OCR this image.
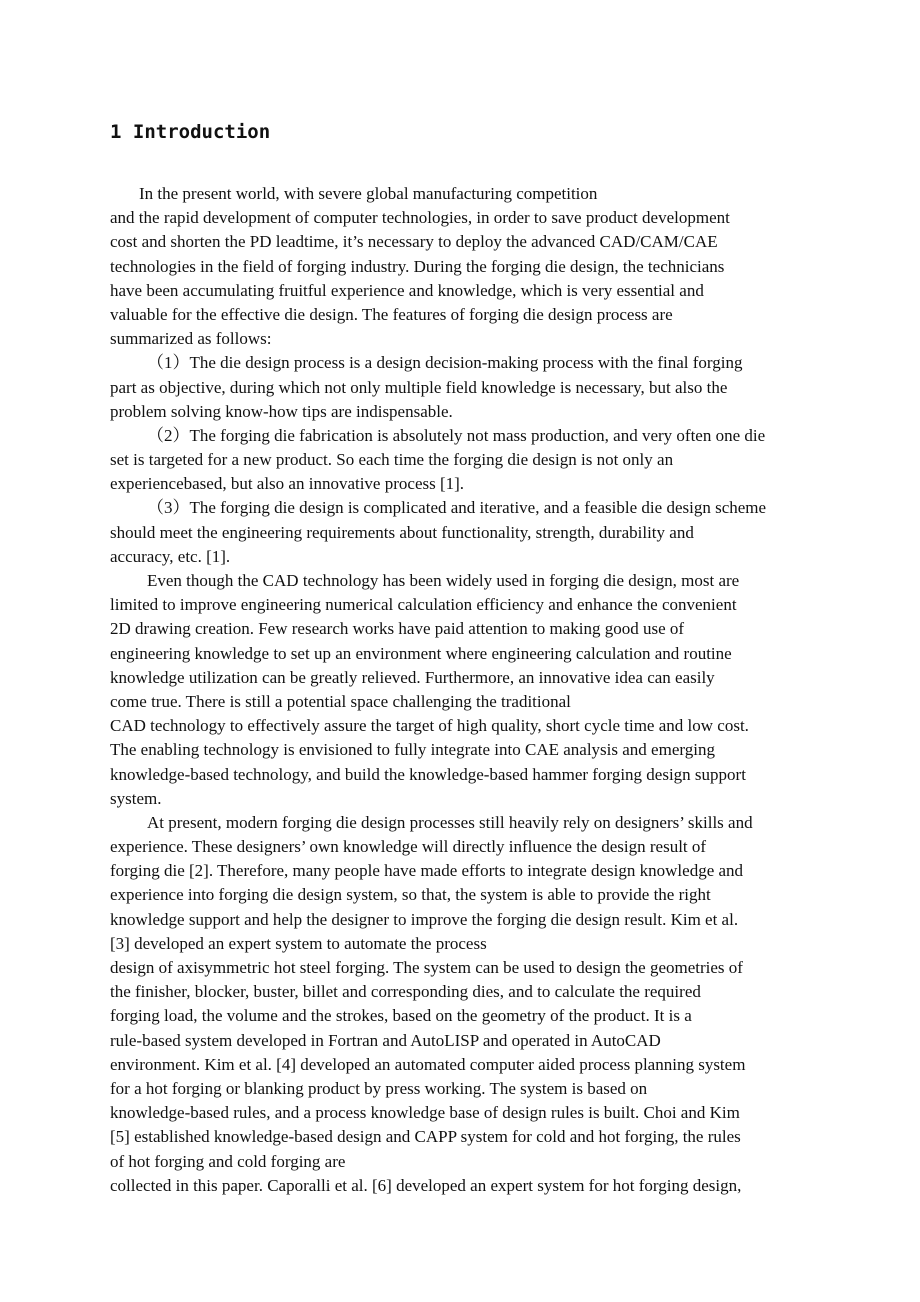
1 Introduction
In the present world, with severe global manufacturing competition
and the rapid development of computer technologies, in order to save product development
cost and shorten the PD leadtime, it’s necessary to deploy the advanced CAD/CAM/CAE
technologies in the field of forging industry. During the forging die design, the technicians
have been accumulating fruitful experience and knowledge, which is very essential and
valuable for the effective die design. The features of forging die design process are
summarized as follows:
（1）The die design process is a design decision-making process with the final forging
part as objective, during which not only multiple field knowledge is necessary, but also the
problem solving know-how tips are indispensable.
（2）The forging die fabrication is absolutely not mass production, and very often one die
set is targeted for a new product. So each time the forging die design is not only an
experiencebased, but also an innovative process [1].
（3）The forging die design is complicated and iterative, and a feasible die design scheme
should meet the engineering requirements about functionality, strength, durability and
accuracy, etc. [1].
Even though the CAD technology has been widely used in forging die design, most are
limited to improve engineering numerical calculation efficiency and enhance the convenient
2D drawing creation. Few research works have paid attention to making good use of
engineering knowledge to set up an environment where engineering calculation and routine
knowledge utilization can be greatly relieved. Furthermore, an innovative idea can easily
come true. There is still a potential space challenging the traditional
CAD technology to effectively assure the target of high quality, short cycle time and low cost.
The enabling technology is envisioned to fully integrate into CAE analysis and emerging
knowledge-based technology, and build the knowledge-based hammer forging design support
system.
At present, modern forging die design processes still heavily rely on designers’ skills and
experience. These designers’ own knowledge will directly influence the design result of
forging die [2]. Therefore, many people have made efforts to integrate design knowledge and
experience into forging die design system, so that, the system is able to provide the right
knowledge support and help the designer to improve the forging die design result. Kim et al.
[3] developed an expert system to automate the process
design of axisymmetric hot steel forging. The system can be used to design the geometries of
the finisher, blocker, buster, billet and corresponding dies, and to calculate the required
forging load, the volume and the strokes, based on the geometry of the product. It is a
rule-based system developed in Fortran and AutoLISP and operated in AutoCAD
environment. Kim et al. [4] developed an automated computer aided process planning system
for a hot forging or blanking product by press working. The system is based on
knowledge-based rules, and a process knowledge base of design rules is built. Choi and Kim
[5] established knowledge-based design and CAPP system for cold and hot forging, the rules
of hot forging and cold forging are
collected in this paper. Caporalli et al. [6] developed an expert system for hot forging design,
